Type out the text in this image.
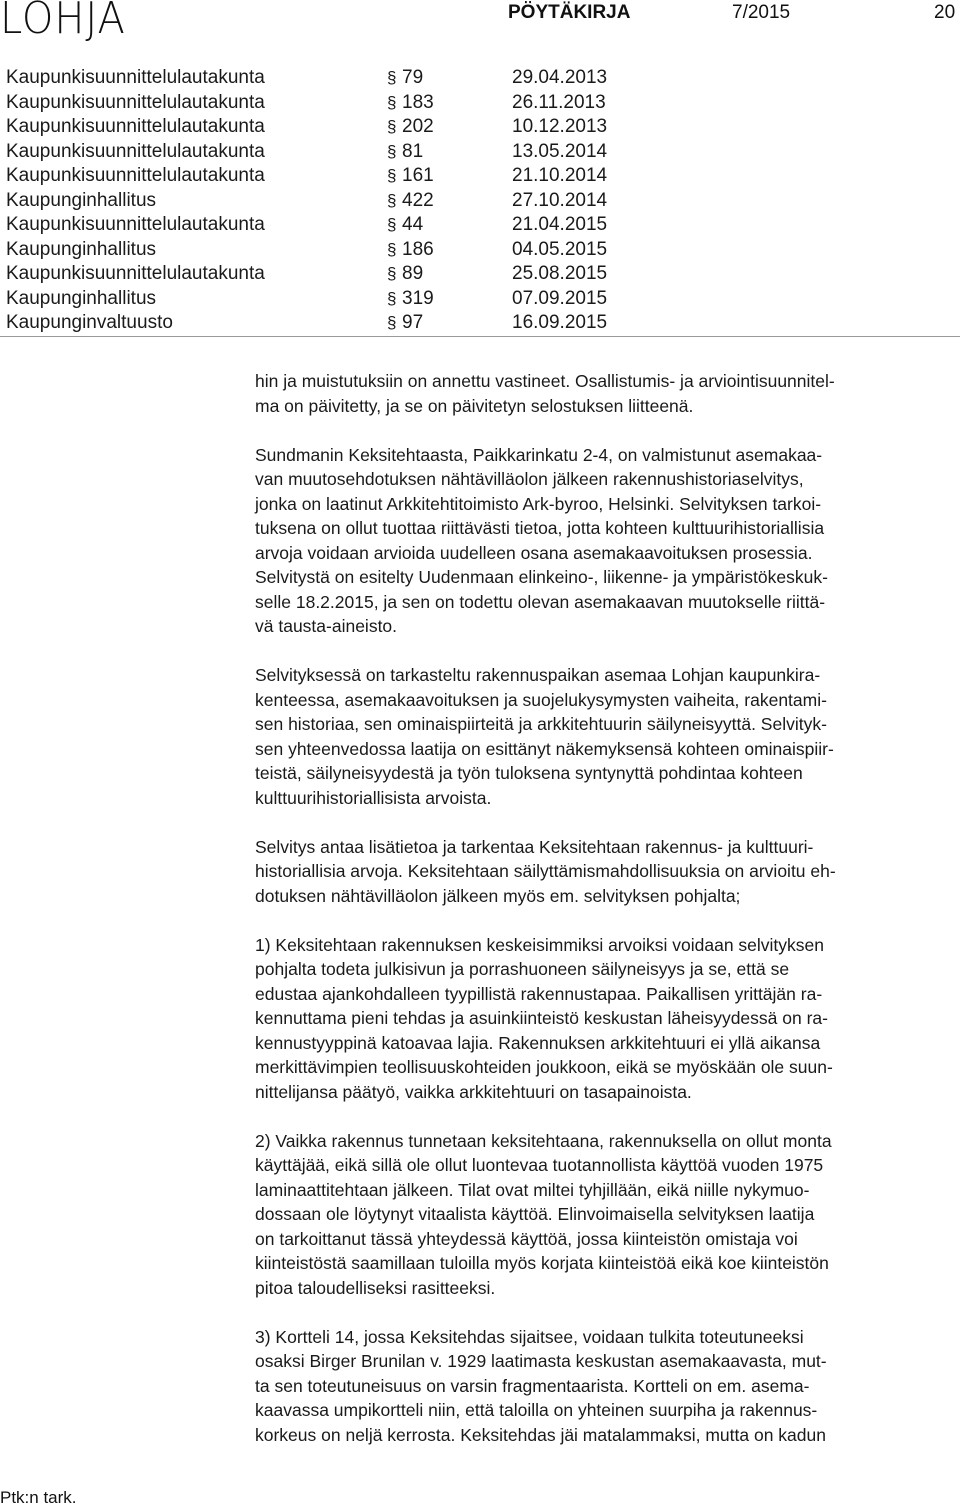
LOHJA	PÖYTÄKIRJA	7/2015	20
Kaupunkisuunnittelulautakunta	§ 79	29.04.2013
Kaupunkisuunnittelulautakunta	§ 183	26.11.2013
Kaupunkisuunnittelulautakunta	§ 202	10.12.2013
Kaupunkisuunnittelulautakunta	§ 81	13.05.2014
Kaupunkisuunnittelulautakunta	§ 161	21.10.2014
Kaupunginhallitus	§ 422	27.10.2014
Kaupunkisuunnittelulautakunta	§ 44	21.04.2015
Kaupunginhallitus	§ 186	04.05.2015
Kaupunkisuunnittelulautakunta	§ 89	25.08.2015
Kaupunginhallitus	§ 319	07.09.2015
Kaupunginvaltuusto	§ 97	16.09.2015

hin ja muistutuksiin on annettu vastineet. Osallistumis- ja arviointisuunnitel-
ma on päivitetty, ja se on päivitetyn selostuksen liitteenä.

Sundmanin Keksitehtaasta, Paikkarinkatu 2-4, on valmistunut asemakaa-
van muutosehdotuksen nähtävilläolon jälkeen rakennushistoriaselvitys,
jonka on laatinut Arkkitehtitoimisto Ark-byroo, Helsinki. Selvityksen tarkoi-
tuksena on ollut tuottaa riittävästi tietoa, jotta kohteen kulttuurihistoriallisia
arvoja voidaan arvioida uudelleen osana asemakaavoituksen prosessia.
Selvitystä on esitelty Uudenmaan elinkeino-, liikenne- ja ympäristökeskuk-
selle 18.2.2015, ja sen on todettu olevan asemakaavan muutokselle riittä-
vä tausta-aineisto.

Selvityksessä on tarkasteltu rakennuspaikan asemaa Lohjan kaupunkira-
kenteessa, asemakaavoituksen ja suojelukysymysten vaiheita, rakentami-
sen historiaa, sen ominaispiirteitä ja arkkitehtuurin säilyneisyyttä. Selvityk-
sen yhteenvedossa laatija on esittänyt näkemyksensä kohteen ominaispiir-
teistä, säilyneisyydestä ja työn tuloksena syntynyttä pohdintaa kohteen
kulttuurihistoriallisista arvoista.

Selvitys antaa lisätietoa ja tarkentaa Keksitehtaan rakennus- ja kulttuuri-
historiallisia arvoja. Keksitehtaan säilyttämismahdollisuuksia on arvioitu eh-
dotuksen nähtävilläolon jälkeen myös em. selvityksen pohjalta;

1) Keksitehtaan rakennuksen keskeisimmiksi arvoiksi voidaan selvityksen
pohjalta todeta julkisivun ja porrashuoneen säilyneisyys ja se, että se
edustaa ajankohdalleen tyypillistä rakennustapaa. Paikallisen yrittäjän ra-
kennuttama pieni tehdas ja asuinkiinteistö keskustan läheisyydessä on ra-
kennustyyppinä katoavaa lajia. Rakennuksen arkkitehtuuri ei yllä aikansa
merkittävimpien teollisuuskohteiden joukkoon, eikä se myöskään ole suun-
nittelijansa päätyö, vaikka arkkitehtuuri on tasapainoista.

2) Vaikka rakennus tunnetaan keksitehtaana, rakennuksella on ollut monta
käyttäjää, eikä sillä ole ollut luontevaa tuotannollista käyttöä vuoden 1975
laminaattitehtaan jälkeen. Tilat ovat miltei tyhjillään, eikä niille nykymuo-
dossaan ole löytynyt vitaalista käyttöä. Elinvoimaisella selvityksen laatija
on tarkoittanut tässä yhteydessä käyttöä, jossa kiinteistön omistaja voi
kiinteistöstä saamillaan tuloilla myös korjata kiinteistöä eikä koe kiinteistön
pitoa taloudelliseksi rasitteeksi.

3) Kortteli 14, jossa Keksitehdas sijaitsee, voidaan tulkita toteutuneeksi
osaksi Birger Brunilan v. 1929 laatimasta keskustan asemakaavasta, mut-
ta sen toteutuneisuus on varsin fragmentaarista. Kortteli on em. asema-
kaavassa umpikortteli niin, että taloilla on yhteinen suurpiha ja rakennus-
korkeus on neljä kerrosta. Keksitehdas jäi matalammaksi, mutta on kadun

Ptk:n tark.
